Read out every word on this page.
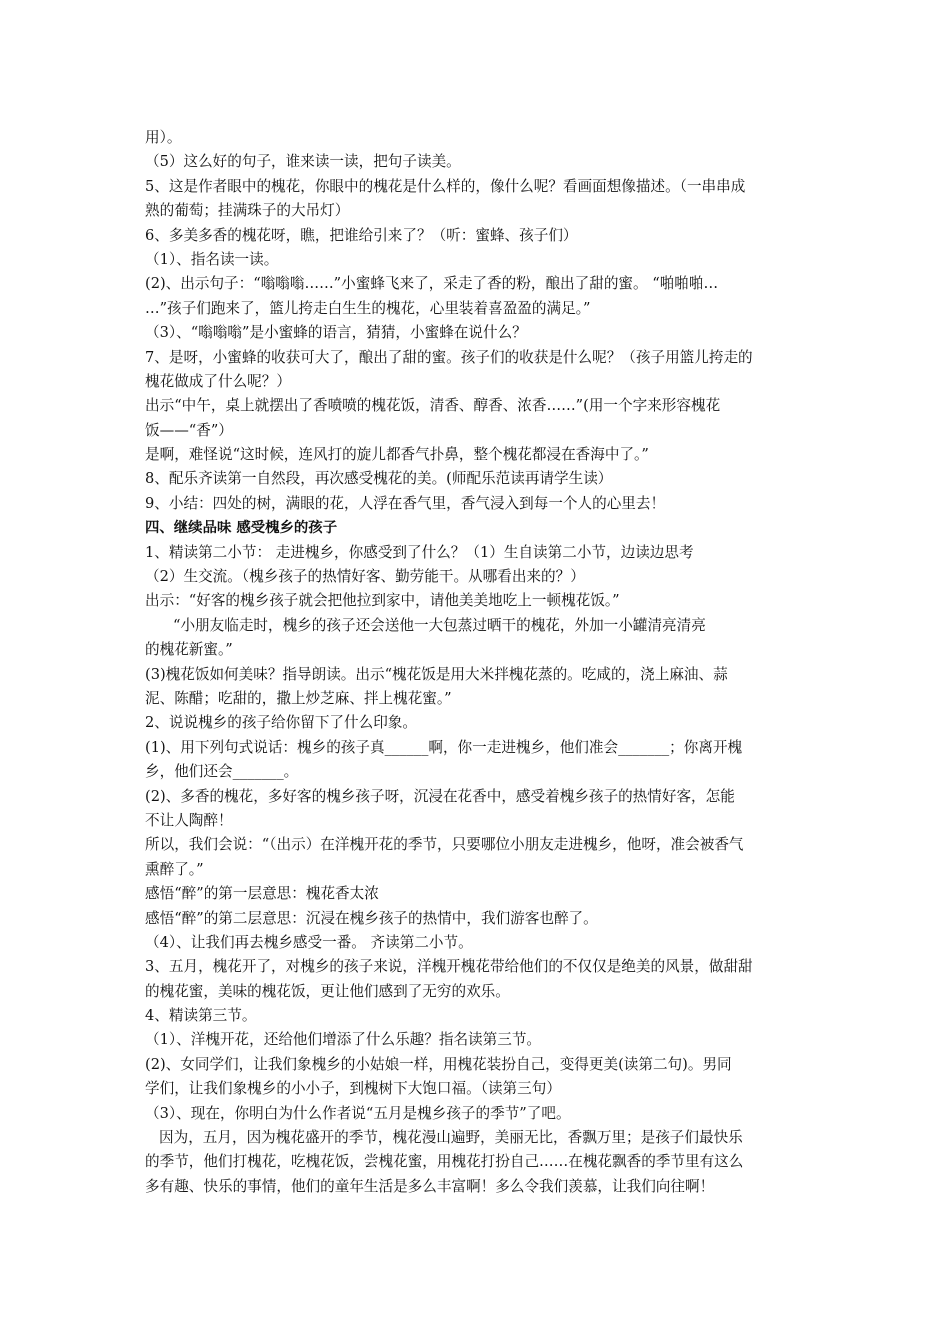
用）。
（5）这么好的句子，谁来读一读，把句子读美。
5、这是作者眼中的槐花，你眼中的槐花是什么样的，像什么呢？看画面想像描述。（一串串成
熟的葡萄；挂满珠子的大吊灯）
6、多美多香的槐花呀，瞧，把谁给引来了？（听：蜜蜂、孩子们）
（1）、指名读一读。
(2)、出示句子：“嗡嗡嗡……”小蜜蜂飞来了，采走了香的粉，酿出了甜的蜜。 “啪啪啪…
…”孩子们跑来了，篮儿挎走白生生的槐花，心里装着喜盈盈的满足。”
（3）、“嗡嗡嗡”是小蜜蜂的语言，猜猜，小蜜蜂在说什么？
7、是呀，小蜜蜂的收获可大了，酿出了甜的蜜。孩子们的收获是什么呢？（孩子用篮儿挎走的
槐花做成了什么呢？）
出示“中午，桌上就摆出了香喷喷的槐花饭，清香、醇香、浓香……”(用一个字来形容槐花
饭——“香”）
是啊，难怪说“这时候，连风打的旋儿都香气扑鼻，整个槐花都浸在香海中了。”
8、配乐齐读第一自然段，再次感受槐花的美。(师配乐范读再请学生读）
9、小结：四处的树，满眼的花，人浮在香气里，香气浸入到每一个人的心里去！
四、继续品味 感受槐乡的孩子
1、精读第二小节： 走进槐乡，你感受到了什么？（1）生自读第二小节，边读边思考
（2）生交流。（槐乡孩子的热情好客、勤劳能干。从哪看出来的？）
出示：“好客的槐乡孩子就会把他拉到家中，请他美美地吃上一顿槐花饭。”
“小朋友临走时，槐乡的孩子还会送他一大包蒸过晒干的槐花，外加一小罐清亮清亮
的槐花新蜜。”
(3)槐花饭如何美味？指导朗读。出示“槐花饭是用大米拌槐花蒸的。吃咸的，浇上麻油、蒜
泥、陈醋；吃甜的，撒上炒芝麻、拌上槐花蜜。”
2、说说槐乡的孩子给你留下了什么印象。
(1)、用下列句式说话：槐乡的孩子真______啊，你一走进槐乡，他们准会_______；你离开槐
乡，他们还会_______。
(2)、多香的槐花，多好客的槐乡孩子呀，沉浸在花香中，感受着槐乡孩子的热情好客，怎能
不让人陶醉！
所以，我们会说：“（出示）在洋槐开花的季节，只要哪位小朋友走进槐乡，他呀，准会被香气
熏醉了。”
感悟“醉”的第一层意思：槐花香太浓
感悟“醉”的第二层意思：沉浸在槐乡孩子的热情中，我们游客也醉了。
（4）、让我们再去槐乡感受一番。 齐读第二小节。
3、五月，槐花开了，对槐乡的孩子来说，洋槐开槐花带给他们的不仅仅是绝美的风景，做甜甜
的槐花蜜，美味的槐花饭，更让他们感到了无穷的欢乐。
4、精读第三节。
（1）、洋槐开花，还给他们增添了什么乐趣？指名读第三节。
(2)、女同学们，让我们象槐乡的小姑娘一样，用槐花装扮自己，变得更美(读第二句)。男同
学们，让我们象槐乡的小小子，到槐树下大饱口福。（读第三句）
（3）、现在，你明白为什么作者说“五月是槐乡孩子的季节”了吧。
因为，五月，因为槐花盛开的季节，槐花漫山遍野，美丽无比，香飘万里；是孩子们最快乐
的季节，他们打槐花，吃槐花饭，尝槐花蜜，用槐花打扮自己……在槐花飘香的季节里有这么
多有趣、快乐的事情，他们的童年生活是多么丰富啊！多么令我们羡慕，让我们向往啊！
